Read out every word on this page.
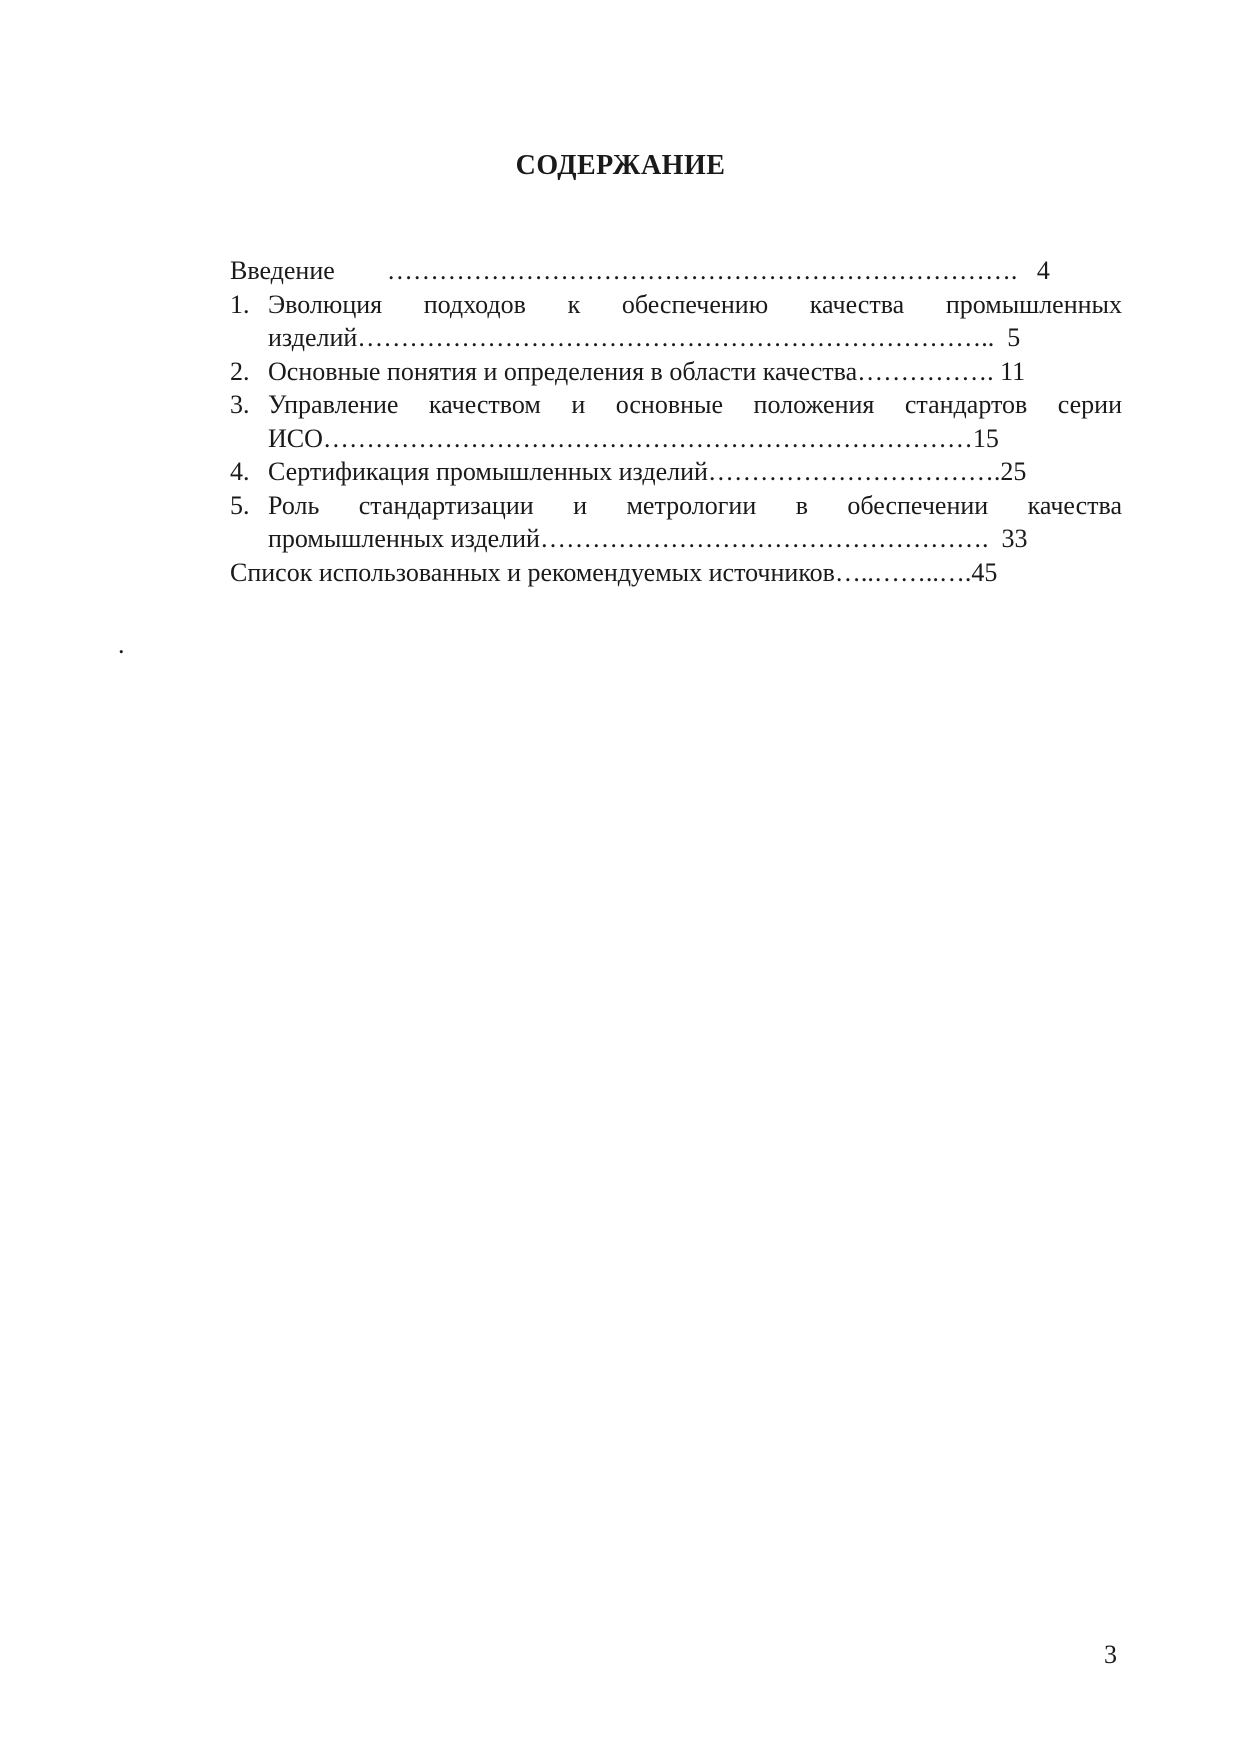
СОДЕРЖАНИЕ
Введение ………………………………………………………………. 4
1. Эволюция подходов к обеспечению качества промышленных
изделий……………………………………………………………….. 5
2. Основные понятия и определения в области качества……………. 11
3. Управление качеством и основные положения стандартов серии
ИСО…………………………………………………………………15
4. Сертификация промышленных изделий…………………………….25
5. Роль стандартизации и метрологии в обеспечении качества
промышленных изделий……………………………………………. 33
Список использованных и рекомендуемых источников…..……..….45
.
3
